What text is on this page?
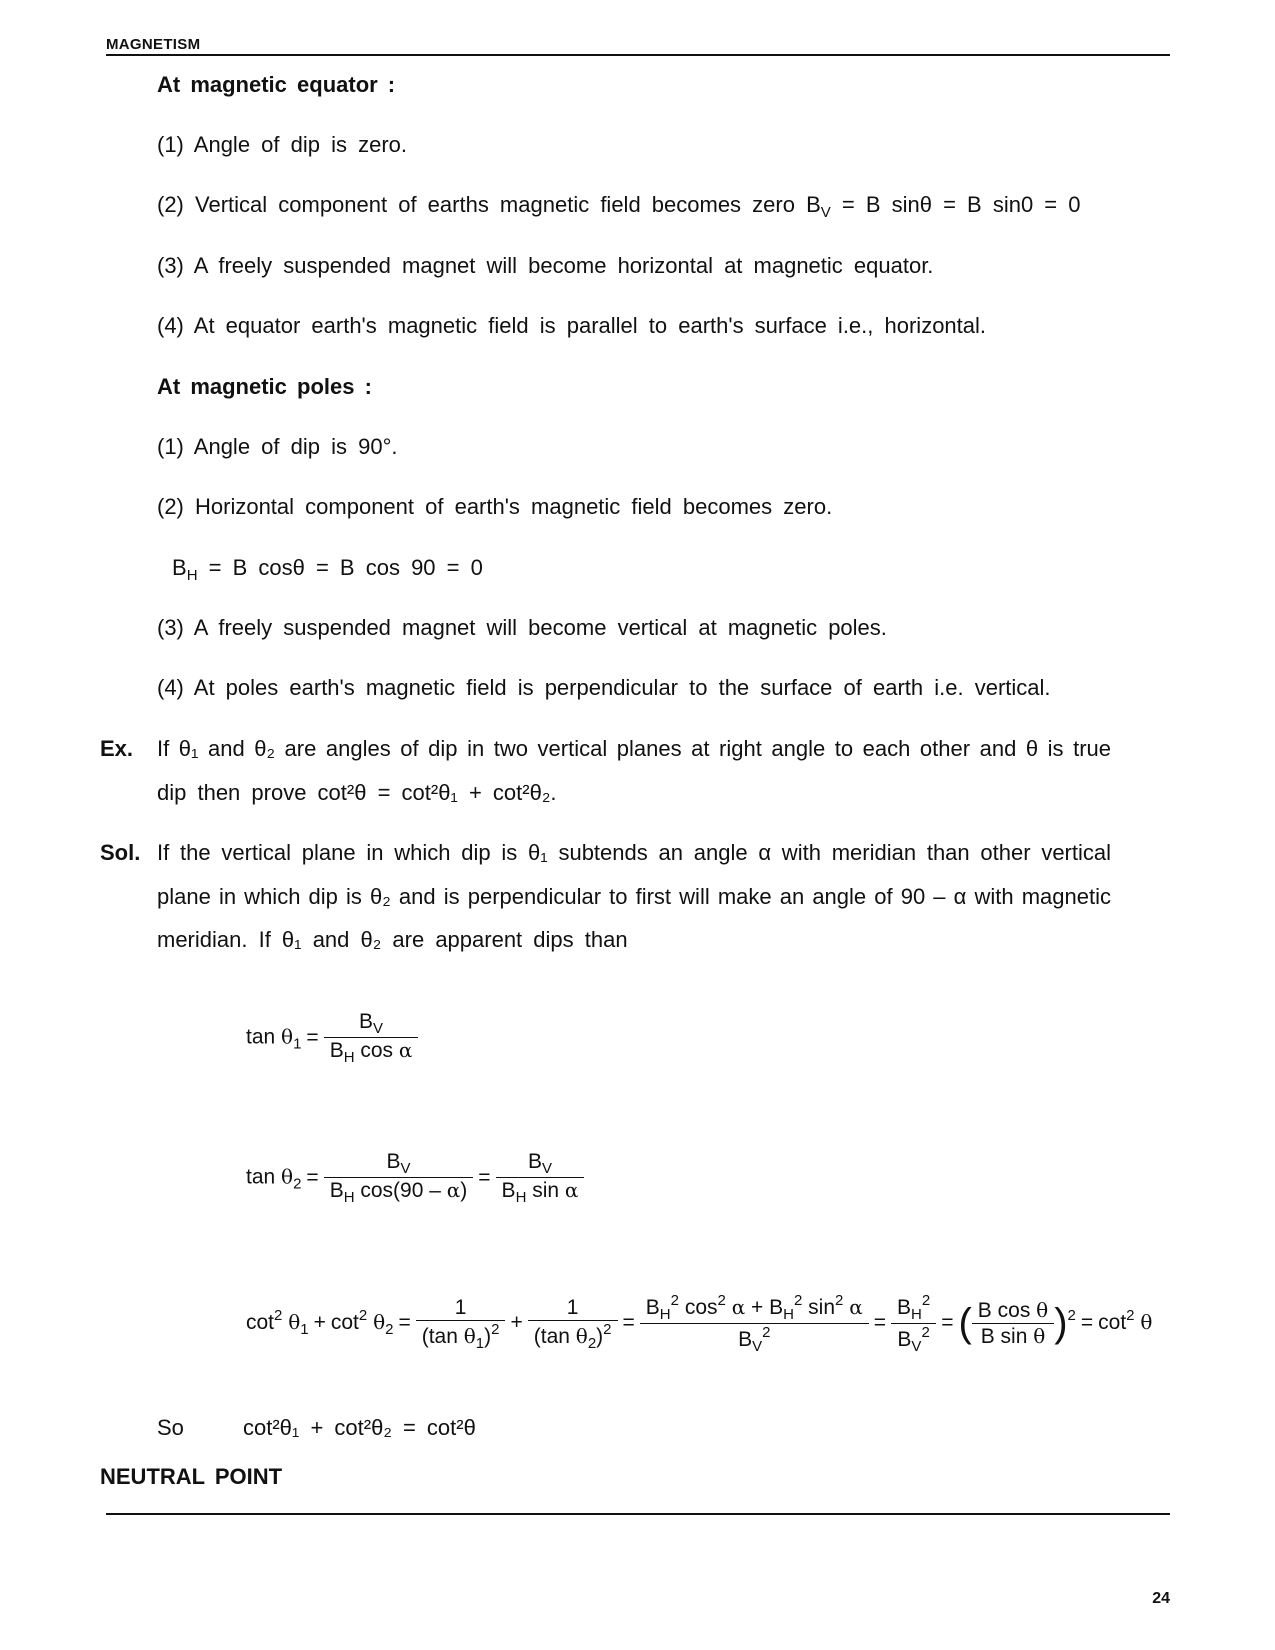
MAGNETISM
At magnetic equator :
(1) Angle of dip is zero.
(2) Vertical component of earths magnetic field becomes zero $B_V = B$ sinθ = B sin0 = 0
(3) A freely suspended magnet will become horizontal at magnetic equator.
(4) At equator earth's magnetic field is parallel to earth's surface i.e., horizontal.
At magnetic poles :
(1) Angle of dip is 90°.
(2) Horizontal component of earth's magnetic field becomes zero.
$B_H = B$ cosθ = B cos 90 = 0
(3) A freely suspended magnet will become vertical at magnetic poles.
(4) At poles earth's magnetic field is perpendicular to the surface of earth i.e. vertical.
Ex. If θ₁ and θ₂ are angles of dip in two vertical planes at right angle to each other and θ is true
dip then prove cot²θ = cot²θ₁ + cot²θ₂.
Sol. If the vertical plane in which dip is θ₁ subtends an angle α with meridian than other vertical
plane in which dip is θ₂ and is perpendicular to first will make an angle of 90 – α with magnetic
meridian. If θ₁ and θ₂ are apparent dips than
$\tan \theta_1 = \frac{B_V}{B_H \cos \alpha}$
$\tan \theta_2 = \frac{B_V}{B_H \cos(90 - \alpha)} = \frac{B_V}{B_H \sin \alpha}$
$\cot^2 \theta_1 + \cot^2 \theta_2 = \frac{1}{(\tan \theta_1)^2} + \frac{1}{(\tan \theta_2)^2} = \frac{B_H^2 \cos^2 \alpha + B_H^2 \sin^2 \alpha}{B_V^2} = \frac{B_H^2}{B_V^2}$ = ( $\frac{\text{B cos θ}}{\text{B sin θ}} )^2 = \cot^2 \theta$
So	cot²θ₁ + cot²θ₂ = cot²θ
NEUTRAL POINT
24
